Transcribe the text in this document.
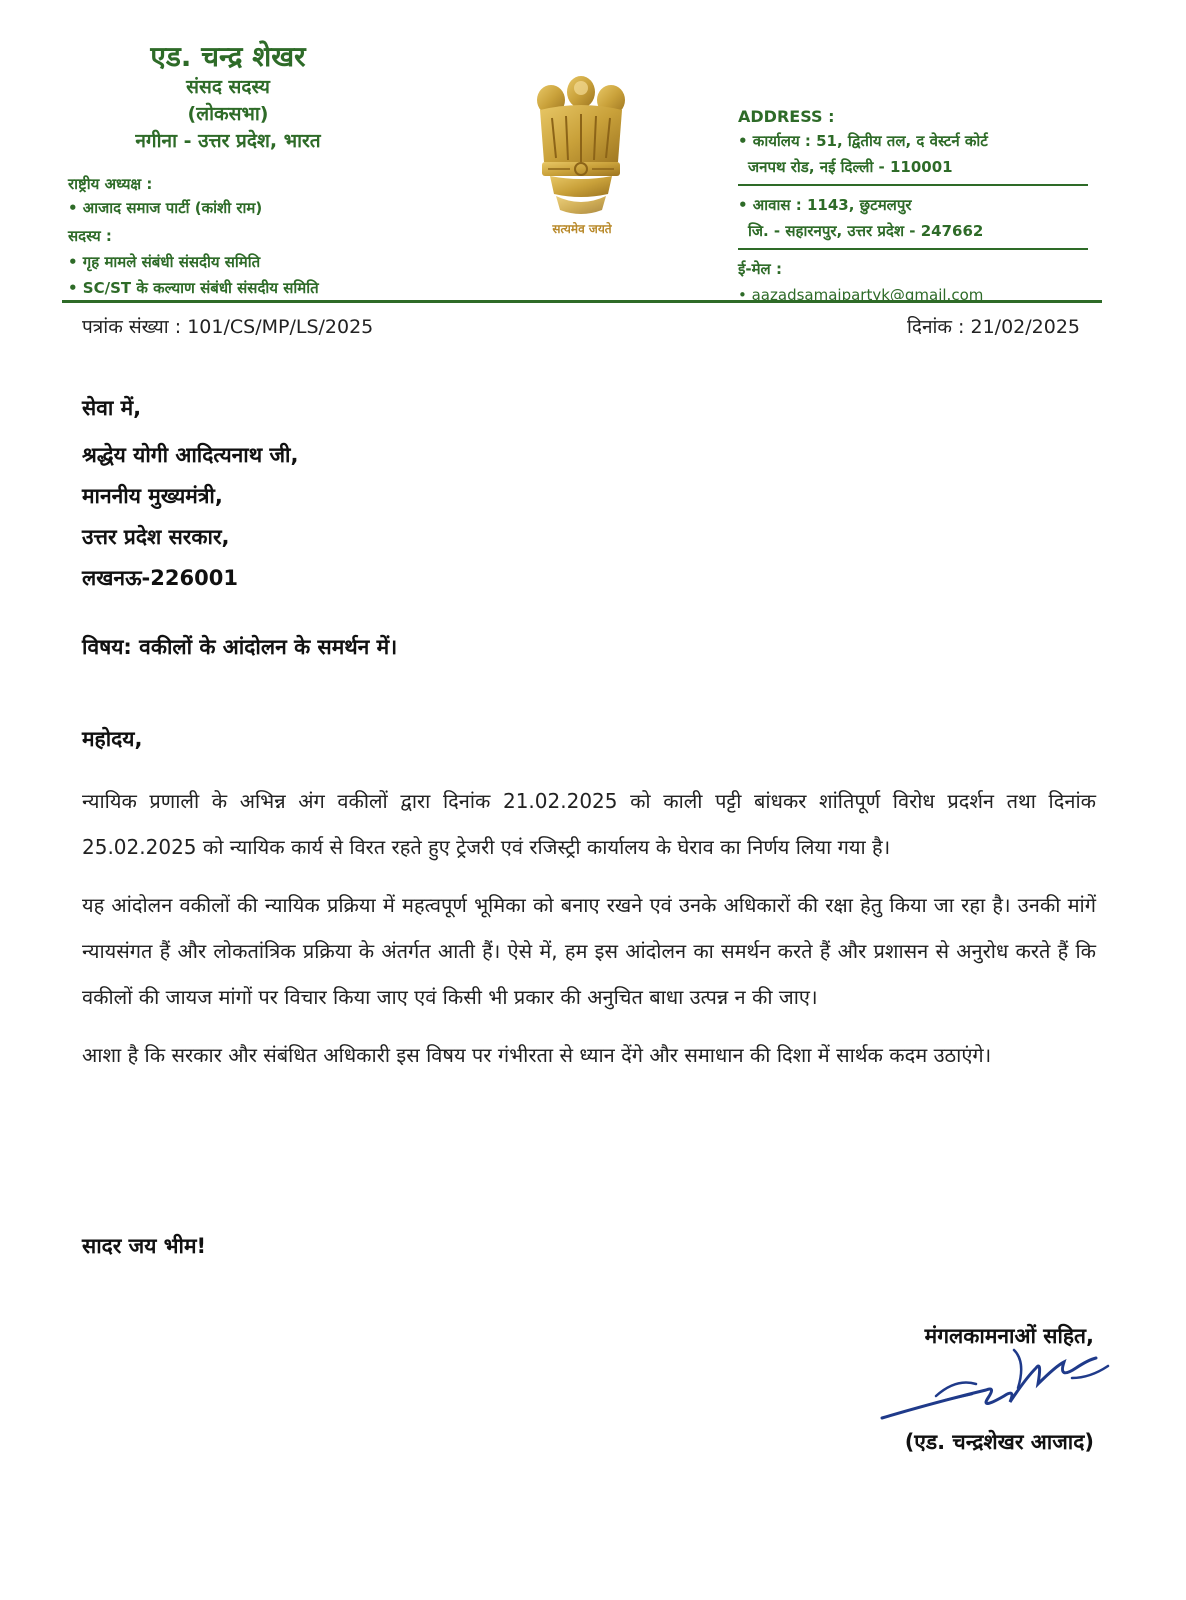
एड. चन्द्र शेखर
संसद सदस्य
(लोकसभा)
नगीना - उत्तर प्रदेश, भारत
राष्ट्रीय अध्यक्ष :
• आजाद समाज पार्टी (कांशी राम)
सदस्य :
• गृह मामले संबंधी संसदीय समिति
• SC/ST के कल्याण संबंधी संसदीय समिति
सत्यमेव जयते
ADDRESS :
• कार्यालय : 51, द्वितीय तल, द वेस्टर्न कोर्ट
जनपथ रोड, नई दिल्ली - 110001
• आवास : 1143, छुटमलपुर
जि. - सहारनपुर, उत्तर प्रदेश - 247662
ई-मेल :
• aazadsamajpartyk@gmail.com
पत्रांक संख्या : 101/CS/MP/LS/2025	दिनांक : 21/02/2025
सेवा में,
श्रद्धेय योगी आदित्यनाथ जी,
माननीय मुख्यमंत्री,
उत्तर प्रदेश सरकार,
लखनऊ-226001
विषय: वकीलों के आंदोलन के समर्थन में।
महोदय,

न्यायिक प्रणाली के अभिन्न अंग वकीलों द्वारा दिनांक 21.02.2025 को काली पट्टी बांधकर शांतिपूर्ण विरोध प्रदर्शन तथा दिनांक 25.02.2025 को न्यायिक कार्य से विरत रहते हुए ट्रेजरी एवं रजिस्ट्री कार्यालय के घेराव का निर्णय लिया गया है।

यह आंदोलन वकीलों की न्यायिक प्रक्रिया में महत्वपूर्ण भूमिका को बनाए रखने एवं उनके अधिकारों की रक्षा हेतु किया जा रहा है। उनकी मांगें न्यायसंगत हैं और लोकतांत्रिक प्रक्रिया के अंतर्गत आती हैं। ऐसे में, हम इस आंदोलन का समर्थन करते हैं और प्रशासन से अनुरोध करते हैं कि वकीलों की जायज मांगों पर विचार किया जाए एवं किसी भी प्रकार की अनुचित बाधा उत्पन्न न की जाए।

आशा है कि सरकार और संबंधित अधिकारी इस विषय पर गंभीरता से ध्यान देंगे और समाधान की दिशा में सार्थक कदम उठाएंगे।

सादर जय भीम!
मंगलकामनाओं सहित,
(एड. चन्द्रशेखर आजाद)
